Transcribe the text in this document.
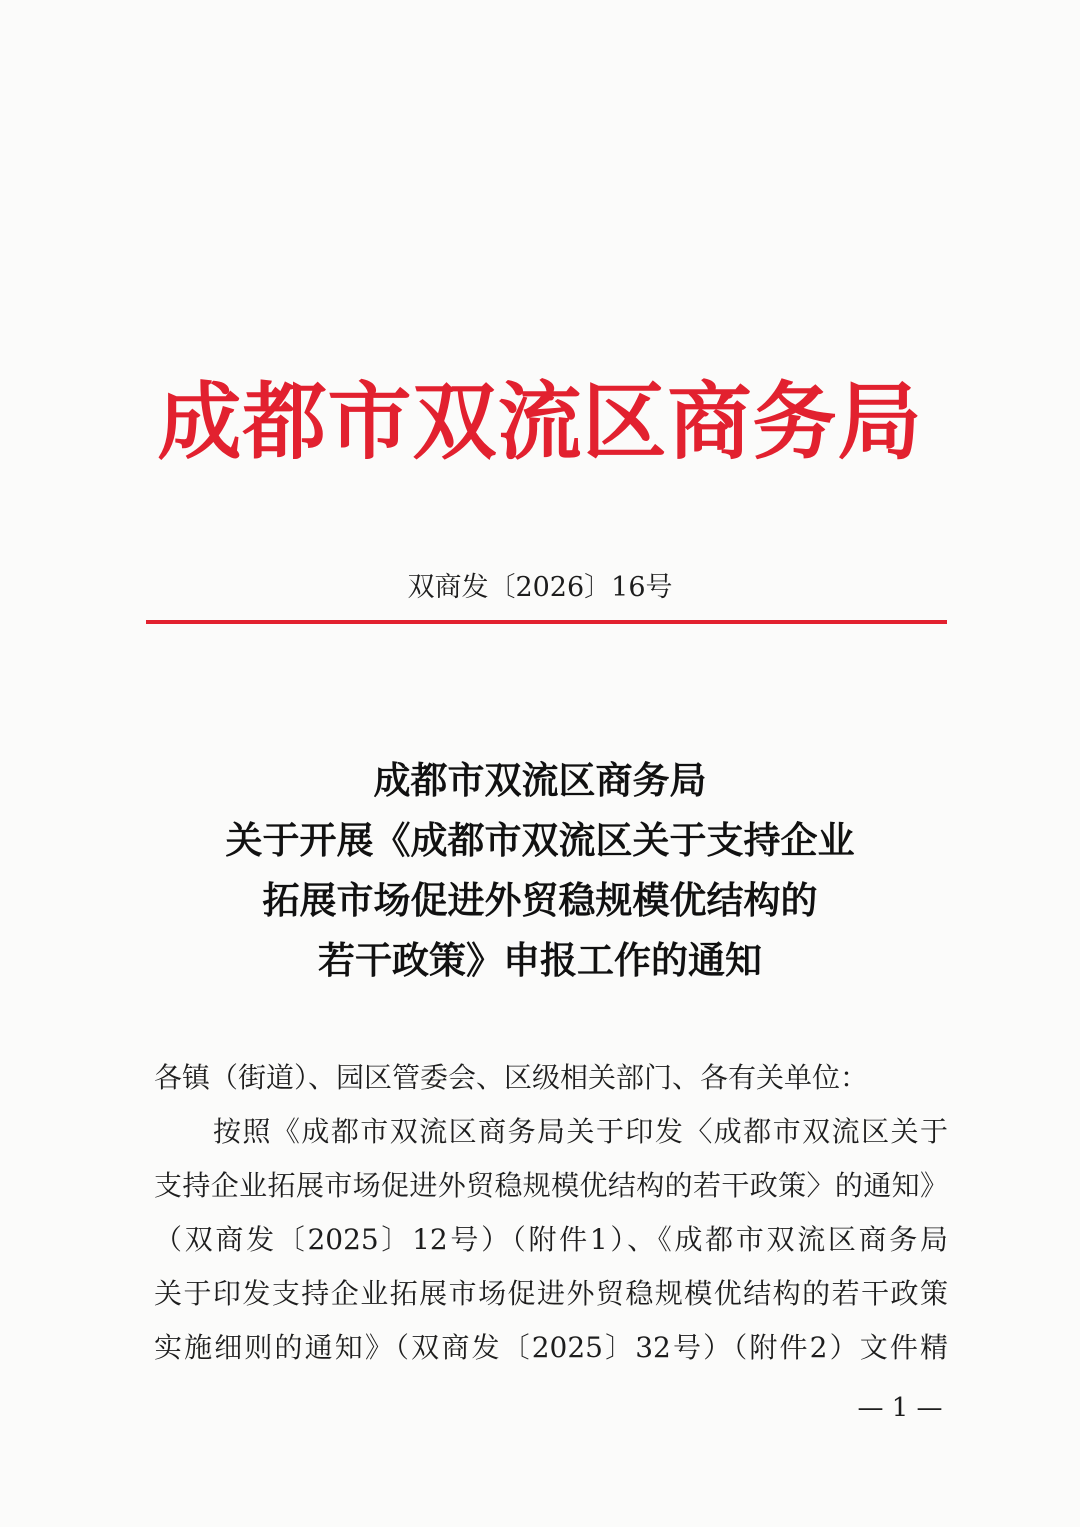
成都市双流区商务局
双商发〔2026〕16号
成都市双流区商务局
关于开展《成都市双流区关于支持企业
拓展市场促进外贸稳规模优结构的
若干政策》申报工作的通知
各镇（街道）、园区管委会、区级相关部门、各有关单位：
按照《成都市双流区商务局关于印发〈成都市双流区关于
支持企业拓展市场促进外贸稳规模优结构的若干政策〉的通知》
（双商发〔2025〕12号）（附件1）、《成都市双流区商务局
关于印发支持企业拓展市场促进外贸稳规模优结构的若干政策
实施细则的通知》（双商发〔2025〕32号）（附件2）文件精
— 1 —
